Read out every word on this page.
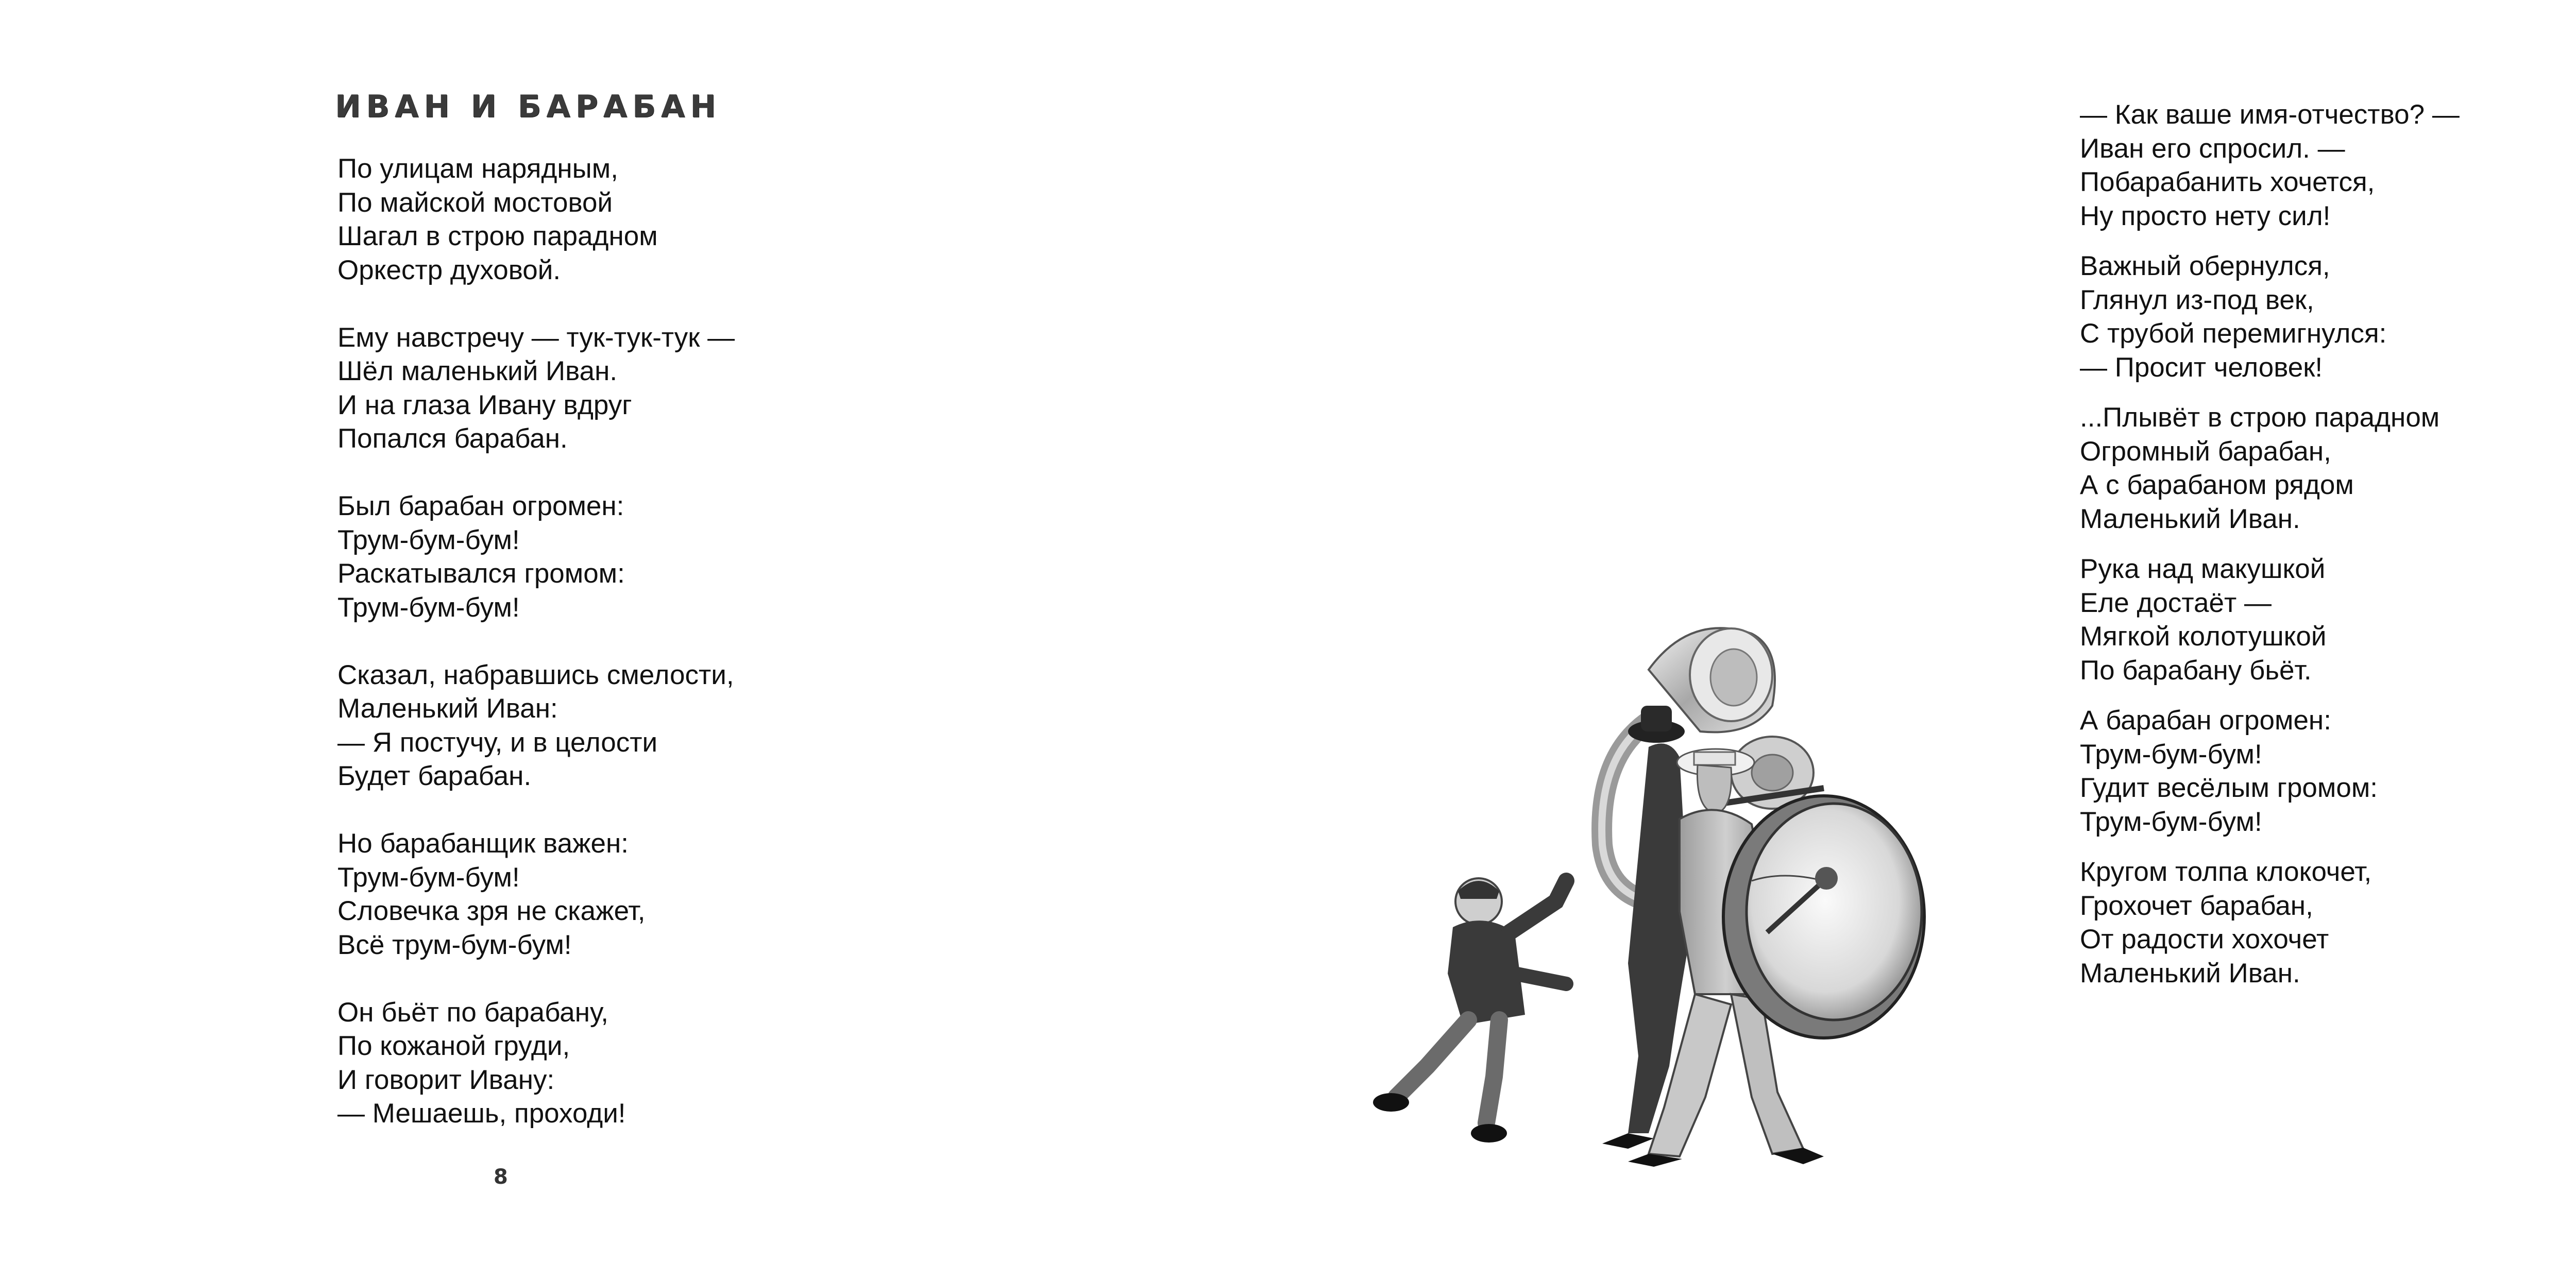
ИВАН И БАРАБАН
По улицам нарядным,
По майской мостовой
Шагал в строю парадном
Оркестр духовой.
Ему навстречу — тук-тук-тук —
Шёл маленький Иван.
И на глаза Ивану вдруг
Попался барабан.
Был барабан огромен:
Трум-бум-бум!
Раскатывался громом:
Трум-бум-бум!
Сказал, набравшись смелости,
Маленький Иван:
— Я постучу, и в целости
Будет барабан.
Но барабанщик важен:
Трум-бум-бум!
Словечка зря не скажет,
Всё трум-бум-бум!
Он бьёт по барабану,
По кожаной груди,
И говорит Ивану:
— Мешаешь, проходи!
8
— Как ваше имя-отчество? —
Иван его спросил. —
Побарабанить хочется,
Ну просто нету сил!
Важный обернулся,
Глянул из-под век,
С трубой перемигнулся:
— Просит человек!
...Плывёт в строю парадном
Огромный барабан,
А с барабаном рядом
Маленький Иван.
Рука над макушкой
Еле достаёт —
Мягкой колотушкой
По барабану бьёт.
А барабан огромен:
Трум-бум-бум!
Гудит весёлым громом:
Трум-бум-бум!
Кругом толпа клокочет,
Грохочет барабан,
От радости хохочет
Маленький Иван.
